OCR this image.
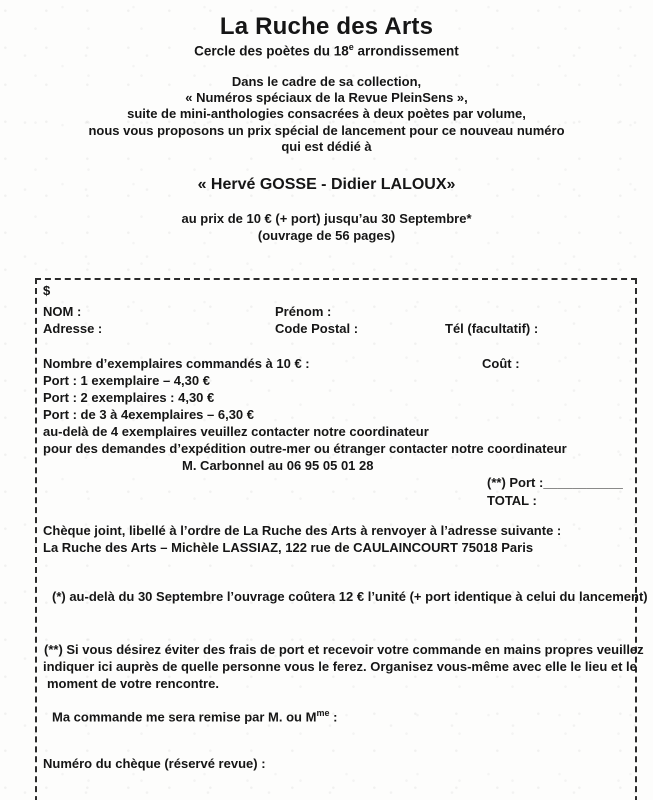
La Ruche des Arts
Cercle des poètes du 18e arrondissement
Dans le cadre de sa collection,
« Numéros spéciaux de la Revue PleinSens »,
suite de mini-anthologies consacrées à deux poètes par volume,
nous vous proposons un prix spécial de lancement pour ce nouveau numéro
qui est dédié à
« Hervé GOSSE - Didier LALOUX»
au prix de 10 € (+ port) jusqu’au 30 Septembre*
(ouvrage de 56 pages)
$
NOM :	Prénom :
Adresse :	Code Postal :	Tél (facultatif) :
Nombre d’exemplaires commandés à 10 € :	Coût :
Port : 1 exemplaire – 4,30 €
Port : 2 exemplaires : 4,30 €
Port : de 3 à 4exemplaires – 6,30 €
au-delà de 4 exemplaires veuillez contacter notre coordinateur
pour des demandes d’expédition outre-mer ou étranger contacter notre coordinateur
M. Carbonnel au 06 95 05 01 28
(**) Port :___________
TOTAL :
Chèque joint, libellé à l’ordre de La Ruche des Arts à renvoyer à l’adresse suivante :
La Ruche des Arts – Michèle LASSIAZ, 122 rue de CAULAINCOURT 75018 Paris
(*) au-delà du 30 Septembre l’ouvrage coûtera 12 € l’unité (+ port identique à celui du lancement)
(**) Si vous désirez éviter des frais de port et recevoir votre commande en mains propres veuillez
indiquer ici auprès de quelle personne vous le ferez. Organisez vous-même avec elle le lieu et le
moment de votre rencontre.
Ma commande me sera remise par M. ou $M^{me}$ :
Numéro du chèque (réservé revue) :
